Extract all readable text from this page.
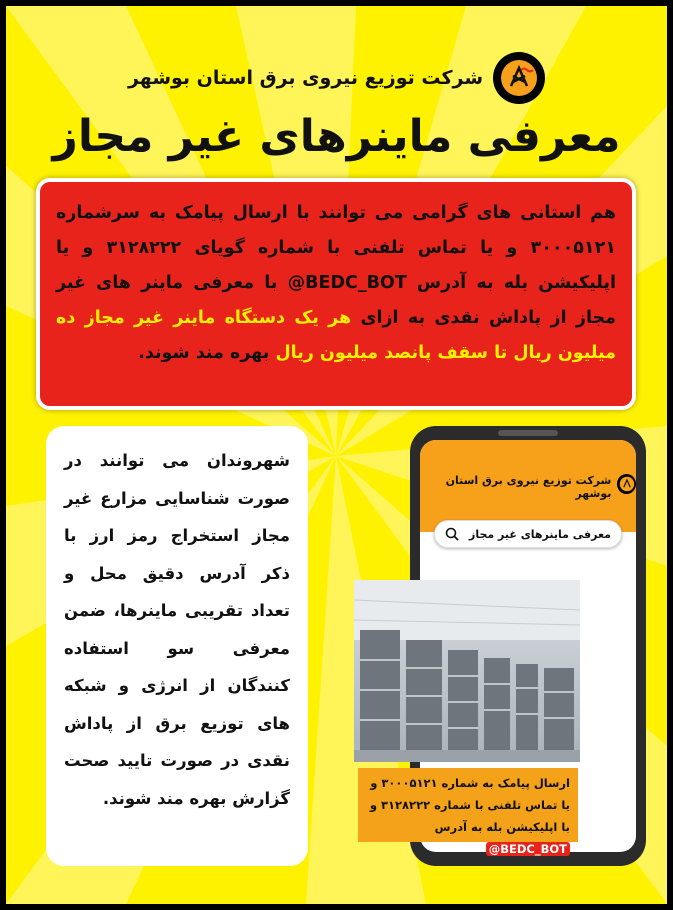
شرکت توزیع نیروی برق استان بوشهر
معرفی ماینرهای غیر مجاز

هم استانی های گرامی می توانند با ارسال پیامک به سرشماره ۳۰۰۰۵۱۲۱ و یا تماس تلفنی با شماره گویای ۳۱۲۸۲۲۲ و یا اپلیکیشن بله به آدرس @BEDC_BOT با معرفی ماینر های غیر مجاز از پاداش نقدی به ازای هر یک دستگاه ماینر غیر مجاز ده میلیون ریال تا سقف پانصد میلیون ریال بهره مند شوند.

شهروندان می توانند در صورت شناسایی مزارع غیر مجاز استخراج رمز ارز با ذکر آدرس دقیق محل و تعداد تقریبی ماینرها، ضمن معرفی سو استفاده کنندگان از انرژی و شبکه های توزیع برق از پاداش نقدی در صورت تایید صحت گزارش بهره مند شوند.

شرکت توزیع نیروی برق استان بوشهر
معرفی ماینرهای غیر مجاز

ارسال پیامک به شماره ۳۰۰۰۵۱۲۱ و

یا تماس تلفنی با شماره ۳۱۲۸۲۲۲ و

با اپلیکیشن بله به آدرس @BEDC_BOT
